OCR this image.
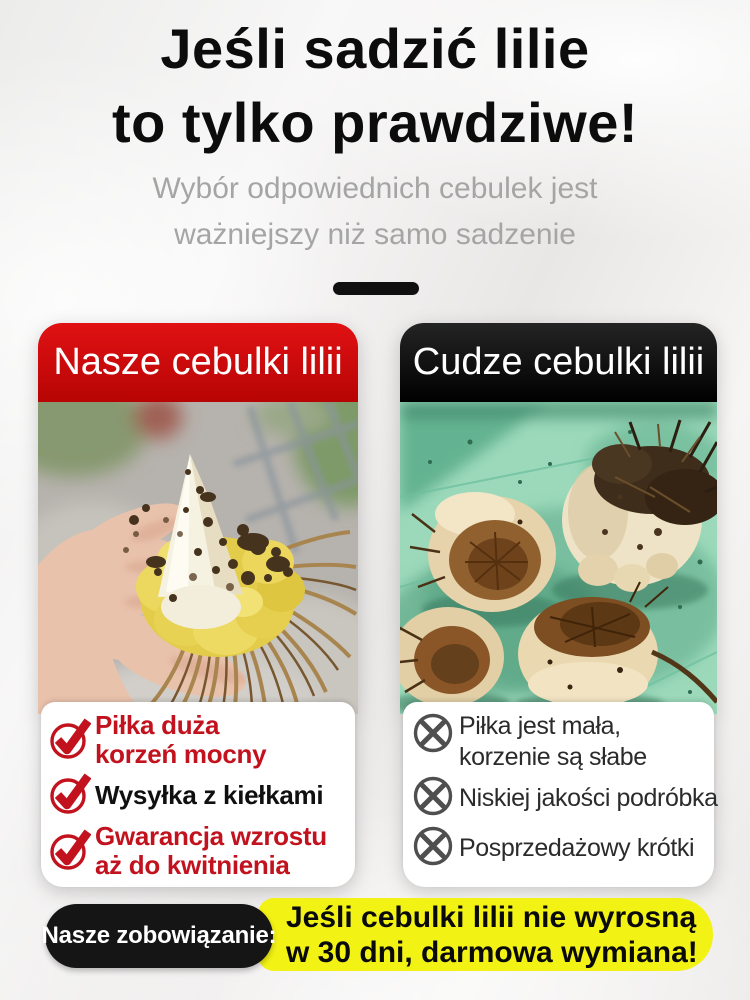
Jeśli sadzić lilie
to tylko prawdziwe!
Wybór odpowiednich cebulek jest
ważniejszy niż samo sadzenie
Nasze cebulki lilii
Piłka duża
korzeń mocny
Wysyłka z kiełkami
Gwarancja wzrostu
aż do kwitnienia
Cudze cebulki lilii
Piłka jest mała,
korzenie są słabe
Niskiej jakości podróbka
Posprzedażowy krótki
Jeśli cebulki lilii nie wyrosną
w 30 dni, darmowa wymiana!
Nasze zobowiązanie:
